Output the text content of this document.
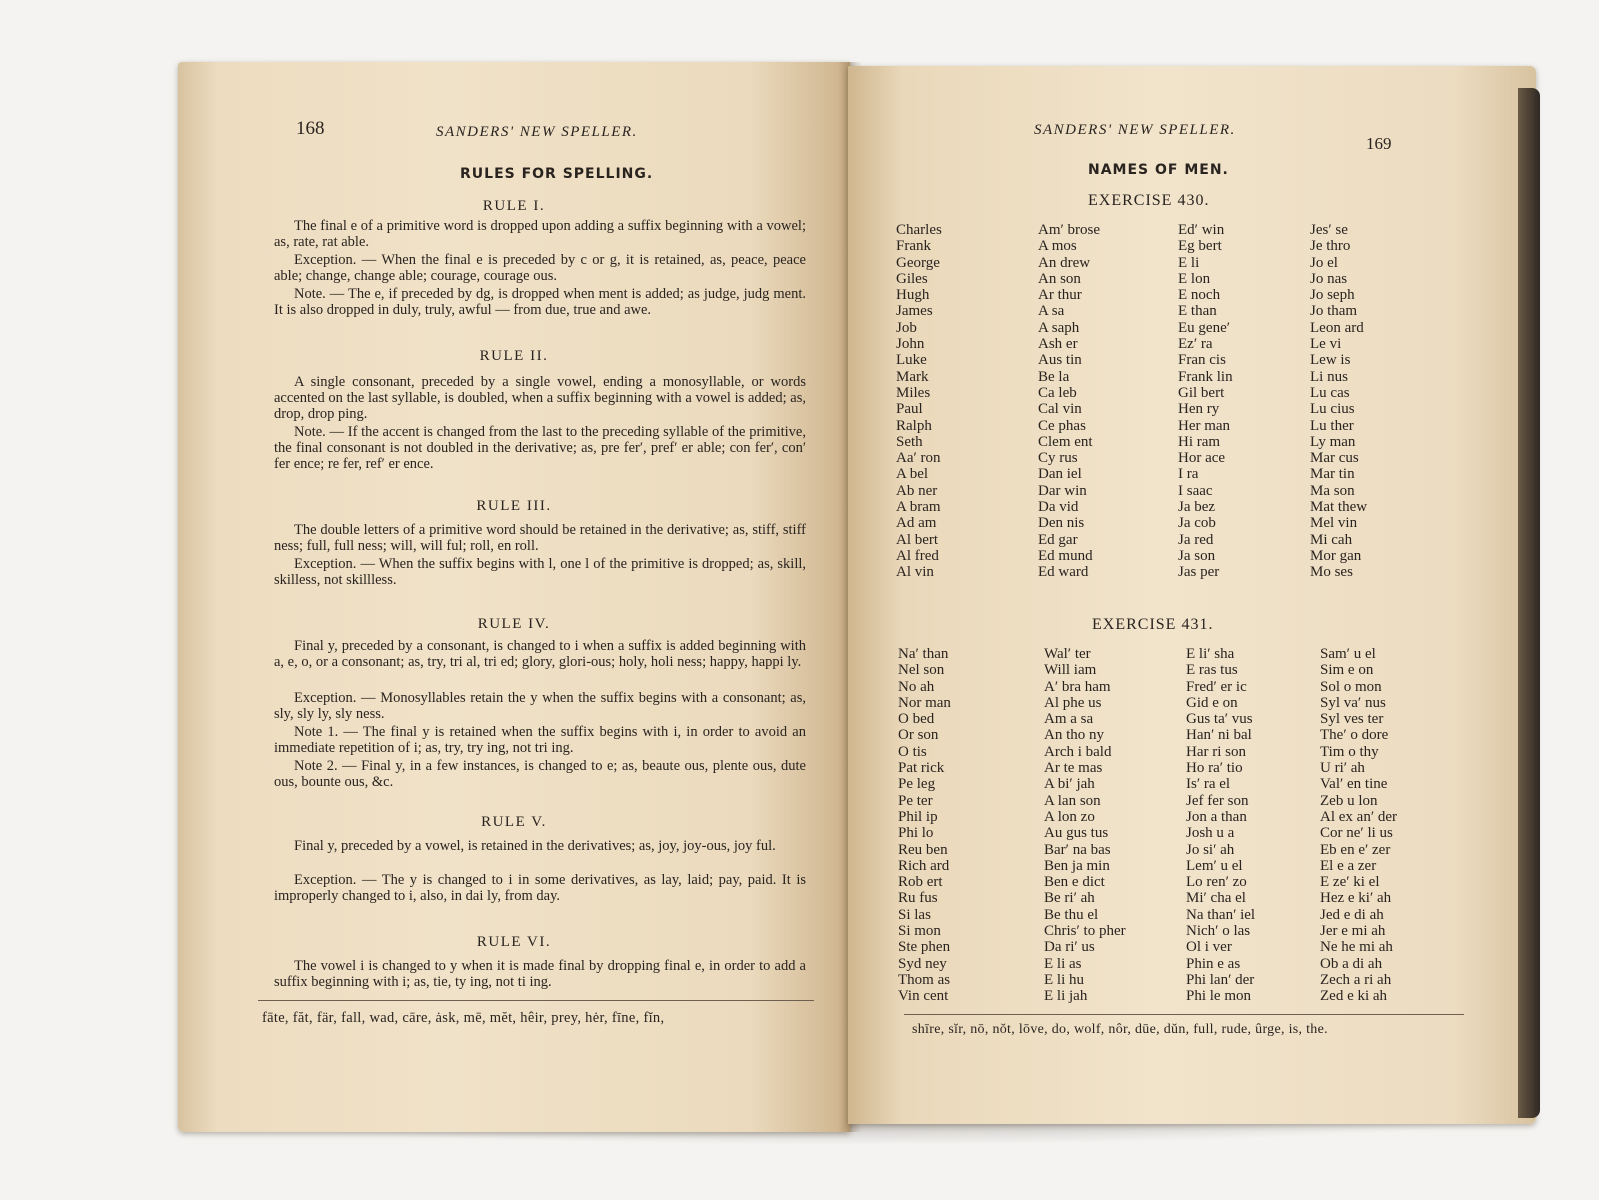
168	SANDERS' NEW SPELLER.
RULES FOR SPELLING.
RULE I.
The final e of a primitive word is dropped upon adding a suffix beginning with a vowel; as, rate, rat able.
Exception. — When the final e is preceded by c or g, it is retained, as, peace, peace able; change, change able; courage, courage ous.
Note. — The e, if preceded by dg, is dropped when ment is added; as judge, judg ment. It is also dropped in duly, truly, awful — from due, true and awe.
RULE II.
A single consonant, preceded by a single vowel, ending a monosyllable, or words accented on the last syllable, is doubled, when a suffix beginning with a vowel is added; as, drop, drop ping.
Note. — If the accent is changed from the last to the preceding syllable of the primitive, the final consonant is not doubled in the derivative; as, pre fer′, pref′ er able; con fer′, con′ fer ence; re fer, ref′ er ence.
RULE III.
The double letters of a primitive word should be retained in the derivative; as, stiff, stiff ness; full, full ness; will, will ful; roll, en roll.
Exception. — When the suffix begins with l, one l of the primitive is dropped; as, skill, skilless, not skillless.
RULE IV.
Final y, preceded by a consonant, is changed to i when a suffix is added beginning with a, e, o, or a consonant; as, try, tri al, tri ed; glory, glori-ous; holy, holi ness; happy, happi ly.
Exception. — Monosyllables retain the y when the suffix begins with a consonant; as, sly, sly ly, sly ness.
Note 1. — The final y is retained when the suffix begins with i, in order to avoid an immediate repetition of i; as, try, try ing, not tri ing.
Note 2. — Final y, in a few instances, is changed to e; as, beaute ous, plente ous, dute ous, bounte ous, &c.
RULE V.
Final y, preceded by a vowel, is retained in the derivatives; as, joy, joy-ous, joy ful.
Exception. — The y is changed to i in some derivatives, as lay, laid; pay, paid. It is improperly changed to i, also, in dai ly, from day.
RULE VI.
The vowel i is changed to y when it is made final by dropping final e, in order to add a suffix beginning with i; as, tie, ty ing, not ti ing.
fāte, făt, fär, fall, wad, cāre, ȧsk, mē, mĕt, hêir, prey, hėr, fīne, fĭn,
SANDERS' NEW SPELLER.
169
NAMES OF MEN.
EXERCISE 430.
Charles
Frank
George
Giles
Hugh
James
Job
John
Luke
Mark
Miles
Paul
Ralph
Seth
Aa′ ron
A bel
Ab ner
A bram
Ad am
Al bert
Al fred
Al vin
Am′ brose
A mos
An drew
An son
Ar thur
A sa
A saph
Ash er
Aus tin
Be la
Ca leb
Cal vin
Ce phas
Clem ent
Cy rus
Dan iel
Dar win
Da vid
Den nis
Ed gar
Ed mund
Ed ward
Ed′ win
Eg bert
E li
E lon
E noch
E than
Eu gene′
Ez′ ra
Fran cis
Frank lin
Gil bert
Hen ry
Her man
Hi ram
Hor ace
I ra
I saac
Ja bez
Ja cob
Ja red
Ja son
Jas per
Jes′ se
Je thro
Jo el
Jo nas
Jo seph
Jo tham
Leon ard
Le vi
Lew is
Li nus
Lu cas
Lu cius
Lu ther
Ly man
Mar cus
Mar tin
Ma son
Mat thew
Mel vin
Mi cah
Mor gan
Mo ses
EXERCISE 431.
Na′ than
Nel son
No ah
Nor man
O bed
Or son
O tis
Pat rick
Pe leg
Pe ter
Phil ip
Phi lo
Reu ben
Rich ard
Rob ert
Ru fus
Si las
Si mon
Ste phen
Syd ney
Thom as
Vin cent
Wal′ ter
Will iam
A′ bra ham
Al phe us
Am a sa
An tho ny
Arch i bald
Ar te mas
A bi′ jah
A lan son
A lon zo
Au gus tus
Bar′ na bas
Ben ja min
Ben e dict
Be ri′ ah
Be thu el
Chris′ to pher
Da ri′ us
E li as
E li hu
E li jah
E li′ sha
E ras tus
Fred′ er ic
Gid e on
Gus ta′ vus
Han′ ni bal
Har ri son
Ho ra′ tio
Is′ ra el
Jef fer son
Jon a than
Josh u a
Jo si′ ah
Lem′ u el
Lo ren′ zo
Mi′ cha el
Na than′ iel
Nich′ o las
Ol i ver
Phin e as
Phi lan′ der
Phi le mon
Sam′ u el
Sim e on
Sol o mon
Syl va′ nus
Syl ves ter
The′ o dore
Tim o thy
U ri′ ah
Val′ en tine
Zeb u lon
Al ex an′ der
Cor ne′ li us
Eb en e′ zer
El e a zer
E ze′ ki el
Hez e ki′ ah
Jed e di ah
Jer e mi ah
Ne he mi ah
Ob a di ah
Zech a ri ah
Zed e ki ah
shīre, sĭr, nō, nŏt, lōve, do, wolf, nôr, dūe, dŭn, full, rude, ûrge, is, the.
